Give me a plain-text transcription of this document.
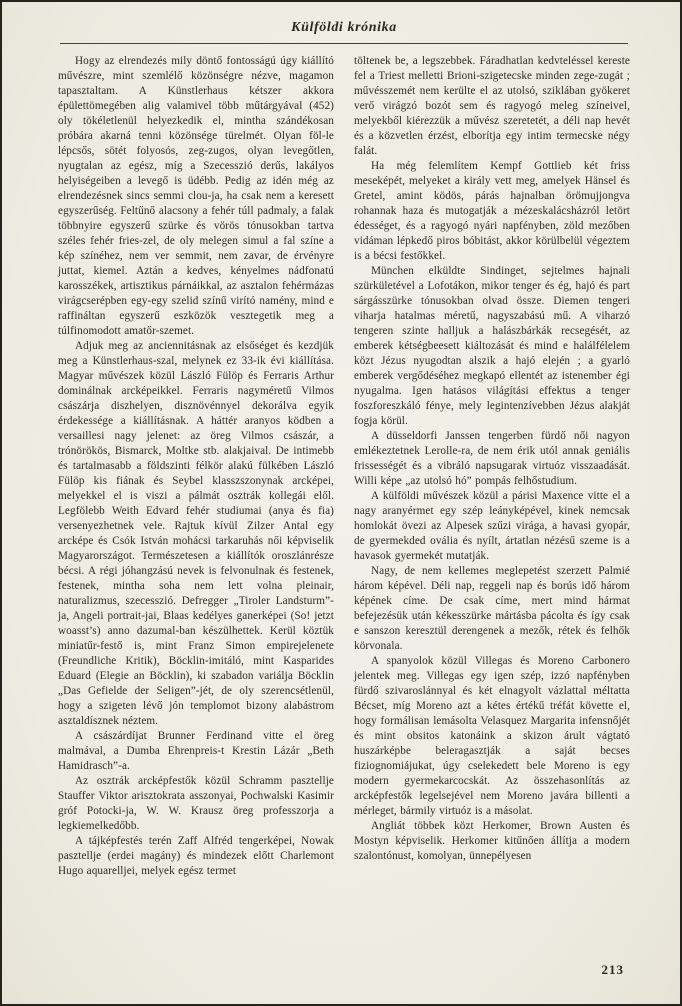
Külföldi krónika

Hogy az elrendezés mily döntő fontosságú úgy kiállító művészre, mint szemlélő közönségre nézve, magamon tapasztaltam. A Künstlerhaus kétszer akkora épülettömegében alig valamivel több műtárgyával (452) oly tökéletlenül helyezkedik el, mintha szándékosan próbára akarná tenni közönsége türelmét. Olyan föl-le lépcsős, sötét folyosós, zeg-zugos, olyan levegőtlen, nyugtalan az egész, míg a Szecesszió derűs, lakályos helyiségeiben a levegő is üdébb. Pedig az idén még az elrendezésnek sincs semmi clou-ja, ha csak nem a keresett egyszerűség. Feltűnő alacsony a fehér túll padmaly, a falak többnyire egyszerű szürke és vörös tónusokban tartva széles fehér fries-zel, de oly melegen simul a fal színe a kép színéhez, nem ver semmit, nem zavar, de érvényre juttat, kiemel. Aztán a kedves, kényelmes nádfonatú karosszékek, artisztikus párnáikkal, az asztalon fehérmázas virágcserépben egy-egy szelid színű virító namény, mind e raffináltan egyszerű eszközök vesztegetik meg a túlfinomodott amatőr-szemet.

Adjuk meg az anciennitásnak az elsőséget és kezdjük meg a Künstlerhaus-szal, melynek ez 33-ik évi kiállítása. Magyar művészek közül László Fülöp és Ferraris Arthur dominálnak arcképeikkel. Ferraris nagyméretű Vilmos császárja diszhelyen, disznövénnyel dekorálva egyik érdekessége a kiállításnak. A háttér aranyos ködben a versaillesi nagy jelenet: az öreg Vilmos császár, a trónörökös, Bismarck, Moltke stb. alakjaival. De intimebb és tartalmasabb a földszinti félkör alakú fülkében László Fülöp kis fiának és Seybel klasszszonynak arcképei, melyekkel el is viszi a pálmát osztrák kollegái elől. Legfölebb Weith Edvard fehér studiumai (anya és fia) versenyezhetnek vele. Rajtuk kívül Zilzer Antal egy arcképe és Csók István mohácsi tarkaruhás női képviselik Magyarországot. Természetesen a kiállítók oroszlánrésze bécsi. A régi jóhangzású nevek is felvonulnak és festenek, festenek, mintha soha nem lett volna pleinair, naturalizmus, szecesszió. Defregger „Tiroler Landsturm”-ja, Angeli portrait-jai, Blaas kedélyes ganerképei (So! jetzt woasst’s) anno dazumal-ban készülhettek. Kerül köztük miniatűr-festő is, mint Franz Simon empirejelenete (Freundliche Kritik), Böcklin-imitáló, mint Kasparides Eduard (Elegie an Böcklin), ki szabadon variálja Böcklin „Das Gefielde der Seligen”-jét, de oly szerencsétlenül, hogy a szigeten lévő jón templomot bizony alabástrom asztaldísznek néztem.

A császárdíjat Brunner Ferdinand vitte el öreg malmával, a Dumba Ehrenpreis-t Krestin Lázár „Beth Hamidrasch”-a.

Az osztrák arcképfestők közül Schramm pasztellje Stauffer Viktor arisztokrata asszonyai, Pochwalski Kasimir gróf Potocki-ja, W. W. Krausz öreg professzorja a legkiemelkedőbb.

A tájképfestés terén Zaff Alfréd tengerképei, Nowak pasztellje (erdei magány) és mindezek előtt Charlemont Hugo aquarelljei, melyek egész termet

töltenek be, a legszebbek. Fáradhatlan kedvteléssel kereste fel a Triest melletti Brioni-szigetecske minden zege-zugát ; művésszemét nem kerülte el az utolsó, sziklában gyökeret verő virágzó bozót sem és ragyogó meleg színeivel, melyekből kiérezzük a művész szeretetét, a déli nap hevét és a közvetlen érzést, elborítja egy intim termecske négy falát.

Ha még felemlítem Kempf Gottlieb két friss meseképét, melyeket a király vett meg, amelyek Hänsel és Gretel, amint ködös, párás hajnalban örömujjongva rohannak haza és mutogatják a mézeskalácsházról letört édességet, és a ragyogó nyári napfényben, zöld mezőben vidáman lépkedő piros bóbitást, akkor körülbelül végeztem is a bécsi festőkkel.

München elküldte Sindinget, sejtelmes hajnali szürkületével a Lofotákon, mikor tenger és ég, hajó és part sárgásszürke tónusokban olvad össze. Diemen tengeri viharja hatalmas méretű, nagyszabású mű. A viharzó tengeren szinte halljuk a halászbárkák recsegését, az emberek kétségbeesett kiáltozását és mind e halálfélelem közt Jézus nyugodtan alszik a hajó elején ; a gyarló emberek vergődéséhez megkapó ellentét az istenember égi nyugalma. Igen hatásos világítási effektus a tenger foszforeszkáló fénye, mely legintenzívebben Jézus alakját fogja körül.

A düsseldorfi Janssen tengerben fürdő női nagyon emlékeztetnek Lerolle-ra, de nem érik utól annak geniális frissességét és a vibráló napsugarak virtuóz visszaadását. Willi képe „az utolsó hó” pompás felhőstudium.

A külföldi művészek közül a párisi Maxence vitte el a nagy aranyérmet egy szép leányképével, kinek nemcsak homlokát övezi az Alpesek szűzi virága, a havasi gyopár, de gyermekded ovália és nyílt, ártatlan nézésű szeme is a havasok gyermekét mutatják.

Nagy, de nem kellemes meglepetést szerzett Palmié három képével. Déli nap, reggeli nap és borús idő három képének címe. De csak címe, mert mind hármat befejezésük után kékesszürke mártásba pácolta és így csak e sanszon keresztül derengenek a mezők, rétek és felhők körvonala.

A spanyolok közül Villegas és Moreno Carbonero jelentek meg. Villegas egy igen szép, izzó napfényben fürdő szivaroslánnyal és két elnagyolt vázlattal méltatta Bécset, míg Moreno azt a kétes értékű tréfát követte el, hogy formálisan lemásolta Velasquez Margarita infensnőjét és mint obsitos katonáink a skizon árult vágtató huszárképbe beleragasztják a saját becses fiziognomiájukat, úgy cselekedett bele Moreno is egy modern gyermekarcocskát. Az összehasonlítás az arcképfestők legelsejével nem Moreno javára billenti a mérleget, bármily virtuóz is a másolat.

Angliát többek közt Herkomer, Brown Austen és Mostyn képviselik. Herkomer kitűnően állítja a modern szalontónust, komolyan, ünnepélyesen

213
